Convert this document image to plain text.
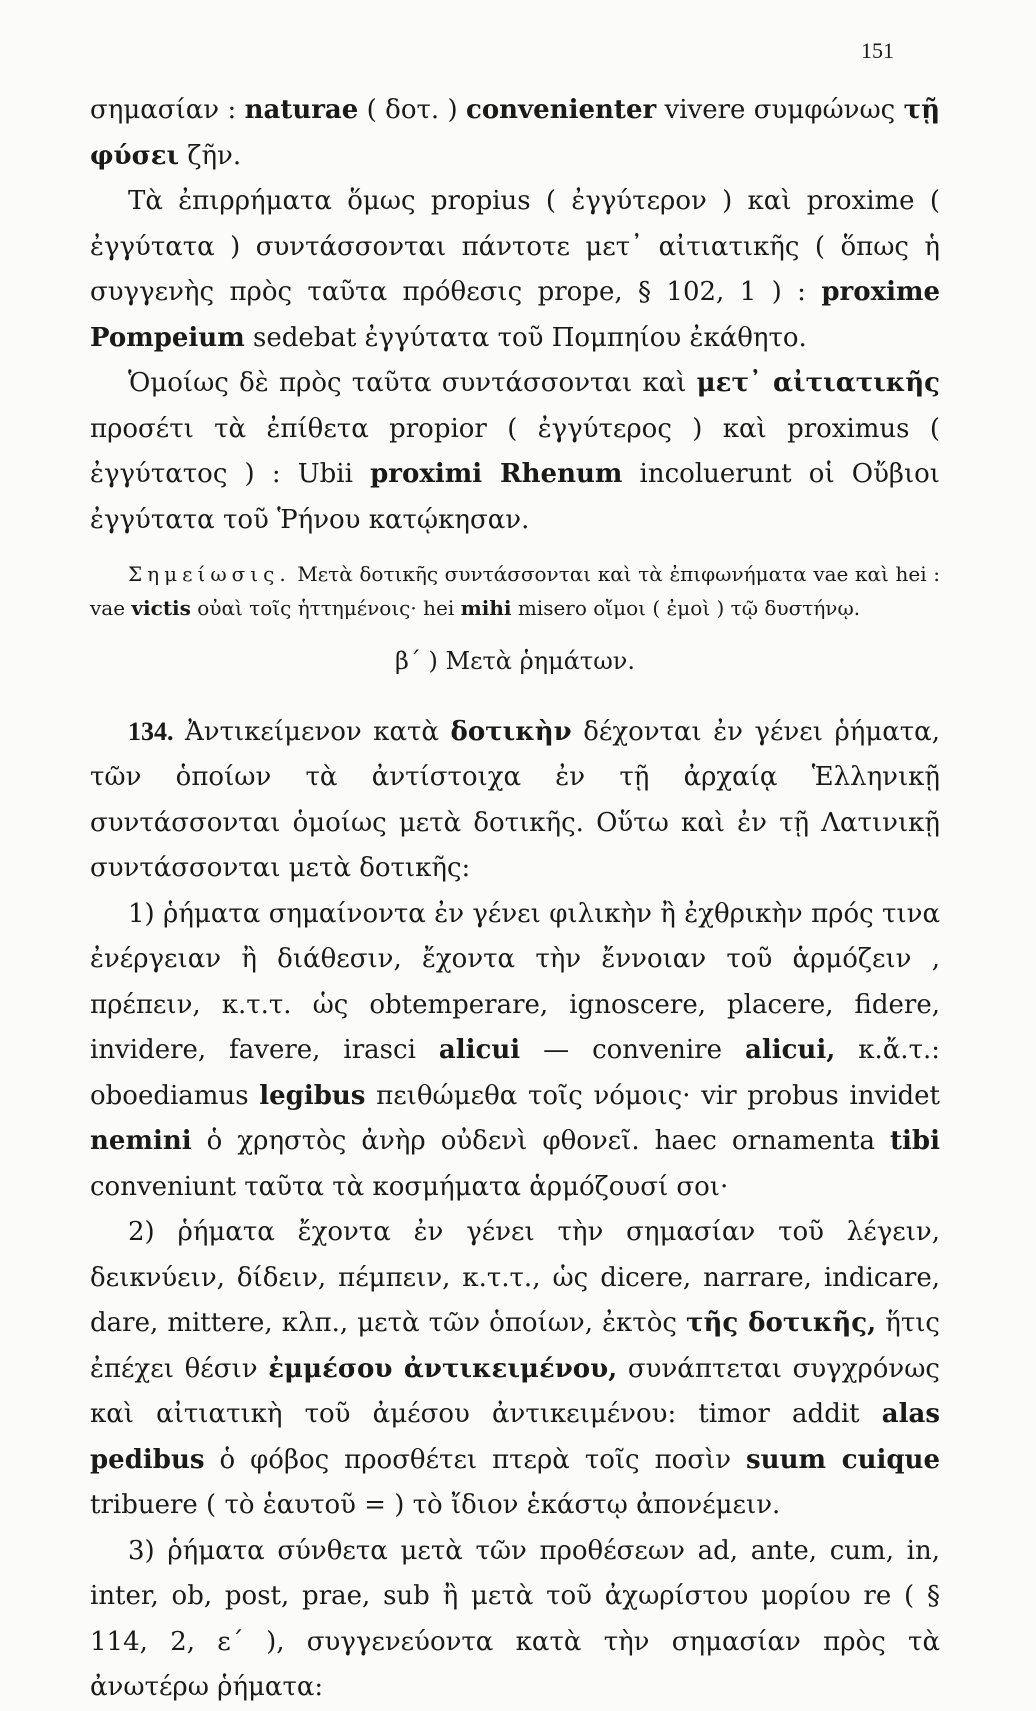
151

σημασίαν : naturae ( δοτ. ) convenienter vivere συμφώνως τῇ φύσει ζῆν.

Τὰ ἐπιρρήματα ὅμως propius ( ἐγγύτερον ) καὶ proxime ( ἐγγύτατα ) συντάσσονται πάντοτε μετ᾽ αἰτιατικῆς ( ὅπως ἡ συγγενὴς πρὸς ταῦτα πρόθεσις prope, § 102, 1 ) : proxime Pompeium sedebat ἐγγύτατα τοῦ Πομπηίου ἐκάθητο.

Ὁμοίως δὲ πρὸς ταῦτα συντάσσονται καὶ μετ᾽ αἰτιατικῆς προσέτι τὰ ἐπίθετα propior ( ἐγγύτερος ) καὶ proximus ( ἐγγύτατος ) : Ubii proximi Rhenum incoluerunt οἱ Οὔβιοι ἐγγύτατα τοῦ Ῥήνου κατῴκησαν.

Σημείωσις. Μετὰ δοτικῆς συντάσσονται καὶ τὰ ἐπιφωνήματα vae καὶ hei : vae victis οὐαὶ τοῖς ἡττημένοις· hei mihi misero οἴμοι ( ἐμοὶ ) τῷ δυστήνῳ.

β΄ ) Μετὰ ῥημάτων.

134. Ἀντικείμενον κατὰ δοτικὴν δέχονται ἐν γένει ῥήματα, τῶν ὁποίων τὰ ἀντίστοιχα ἐν τῇ ἀρχαίᾳ Ἑλληνικῇ συντάσσονται ὁμοίως μετὰ δοτικῆς. Οὕτω καὶ ἐν τῇ Λατινικῇ συντάσσονται μετὰ δοτικῆς:

1) ῥήματα σημαίνοντα ἐν γένει φιλικὴν ἢ ἐχθρικὴν πρός τινα ἐνέργειαν ἢ διάθεσιν, ἔχοντα τὴν ἔννοιαν τοῦ ἁρμόζειν , πρέπειν, κ.τ.τ. ὡς obtemperare, ignoscere, placere, fidere, invidere, favere, irasci alicui — convenire alicui, κ.ἄ.τ.: oboediamus legibus πειθώμεθα τοῖς νόμοις· vir probus invidet nemini ὁ χρηστὸς ἀνὴρ οὐδενὶ φθονεῖ. haec ornamenta tibi conveniunt ταῦτα τὰ κοσμήματα ἁρμόζουσί σοι·

2) ῥήματα ἔχοντα ἐν γένει τὴν σημασίαν τοῦ λέγειν, δεικνύειν, δίδειν, πέμπειν, κ.τ.τ., ὡς dicere, narrare, indicare, dare, mittere, κλπ., μετὰ τῶν ὁποίων, ἐκτὸς τῆς δοτικῆς, ἥτις ἐπέχει θέσιν ἐμμέσου ἀντικειμένου, συνάπτεται συγχρόνως καὶ αἰτιατικὴ τοῦ ἀμέσου ἀντικειμένου: timor addit alas pedibus ὁ φόβος προσθέτει πτερὰ τοῖς ποσὶν suum cuique tribuere ( τὸ ἑαυτοῦ = ) τὸ ἴδιον ἑκάστῳ ἀπονέμειν.

3) ῥήματα σύνθετα μετὰ τῶν προθέσεων ad, ante, cum, in, inter, ob, post, prae, sub ἢ μετὰ τοῦ ἀχωρίστου μορίου re ( § 114, 2, ε΄ ), συγγενεύοντα κατὰ τὴν σημασίαν πρὸς τὰ ἀνωτέρω ῥήματα:
